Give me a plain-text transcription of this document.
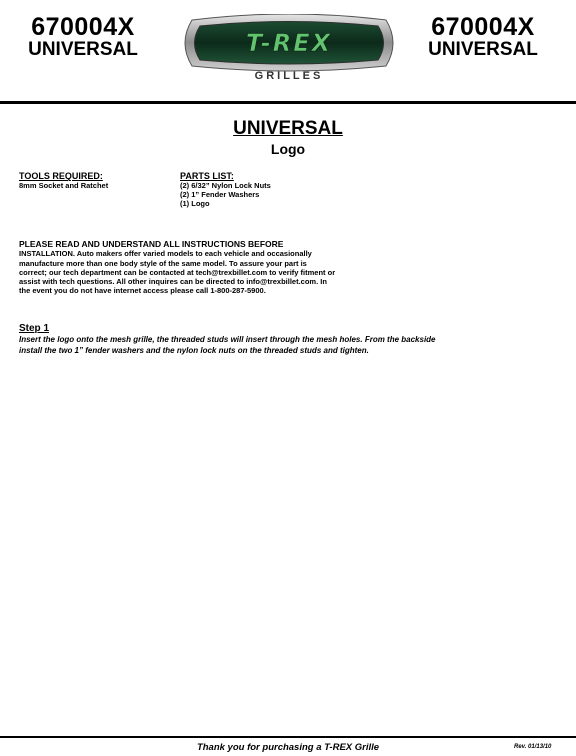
670004X
UNIVERSAL	T-REX
GRILLES
670004X
UNIVERSAL
UNIVERSAL
Logo
TOOLS REQUIRED:
8mm Socket and Ratchet
PARTS LIST:
(2) 6/32” Nylon Lock Nuts
(2) 1” Fender Washers
(1) Logo
PLEASE READ AND UNDERSTAND ALL INSTRUCTIONS BEFORE
INSTALLATION. Auto makers offer varied models to each vehicle and occasionally
manufacture more than one body style of the same model. To assure your part is
correct; our tech department can be contacted at tech@trexbillet.com to verify fitment or
assist with tech questions. All other inquires can be directed to info@trexbillet.com. In
the event you do not have internet access please call 1-800-287-5900.
Step 1
Insert the logo onto the mesh grille, the threaded studs will insert through the mesh holes. From the backside
install the two 1” fender washers and the nylon lock nuts on the threaded studs and tighten.
Thank you for purchasing a T-REX Grille	Rev. 01/13/10
